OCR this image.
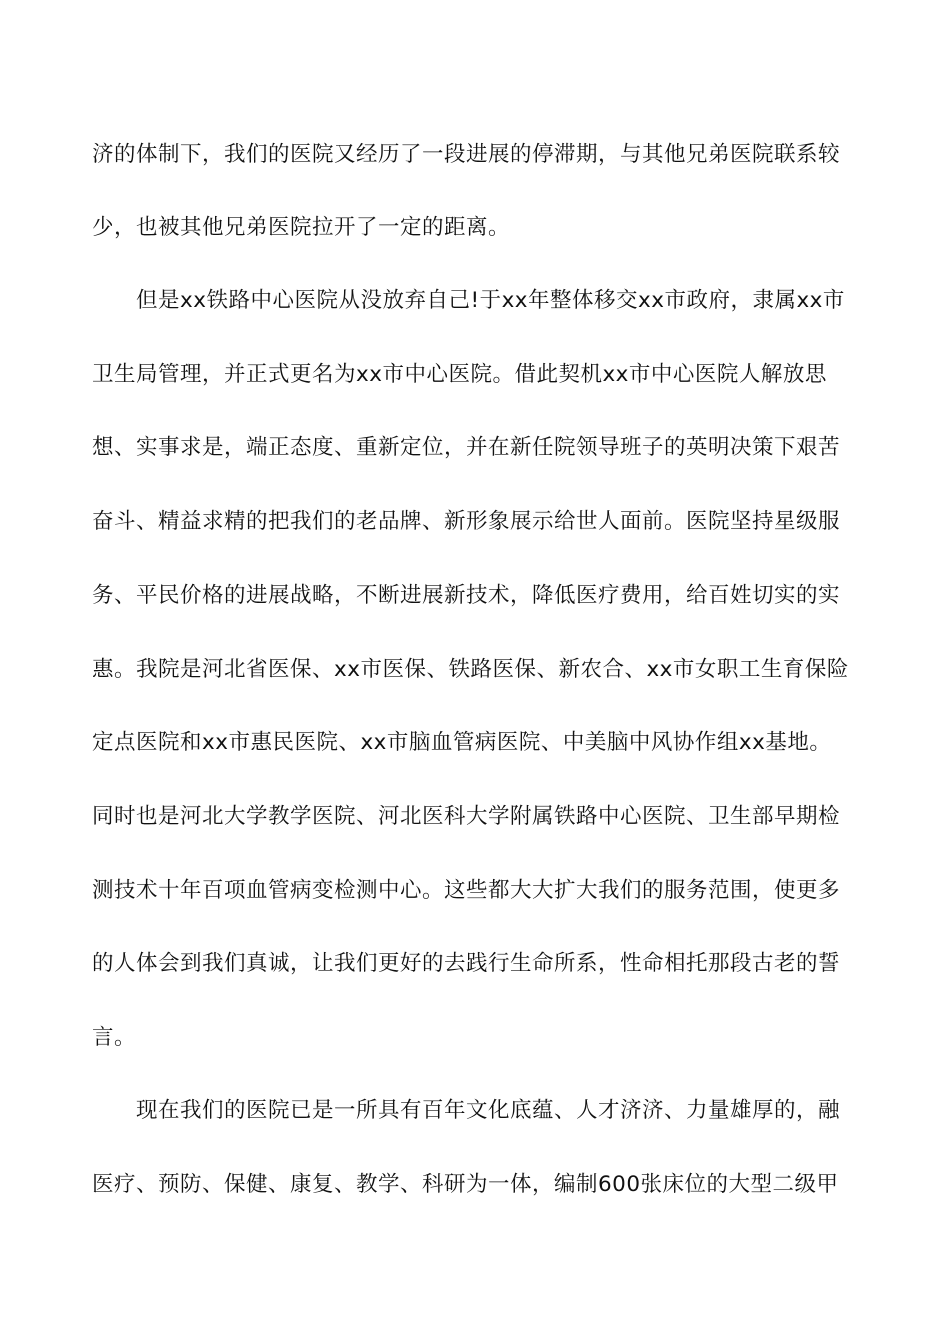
济的体制下，我们的医院又经历了一段进展的停滞期，与其他兄弟医院联系较
少，也被其他兄弟医院拉开了一定的距离。
但是xx铁路中心医院从没放弃自己!于xx年整体移交xx市政府，隶属xx市
卫生局管理，并正式更名为xx市中心医院。借此契机xx市中心医院人解放思
想、实事求是，端正态度、重新定位，并在新任院领导班子的英明决策下艰苦
奋斗、精益求精的把我们的老品牌、新形象展示给世人面前。医院坚持星级服
务、平民价格的进展战略，不断进展新技术，降低医疗费用，给百姓切实的实
惠。我院是河北省医保、xx市医保、铁路医保、新农合、xx市女职工生育保险
定点医院和xx市惠民医院、xx市脑血管病医院、中美脑中风协作组xx基地。
同时也是河北大学教学医院、河北医科大学附属铁路中心医院、卫生部早期检
测技术十年百项血管病变检测中心。这些都大大扩大我们的服务范围，使更多
的人体会到我们真诚，让我们更好的去践行生命所系，性命相托那段古老的誓
言。
现在我们的医院已是一所具有百年文化底蕴、人才济济、力量雄厚的，融
医疗、预防、保健、康复、教学、科研为一体，编制600张床位的大型二级甲
